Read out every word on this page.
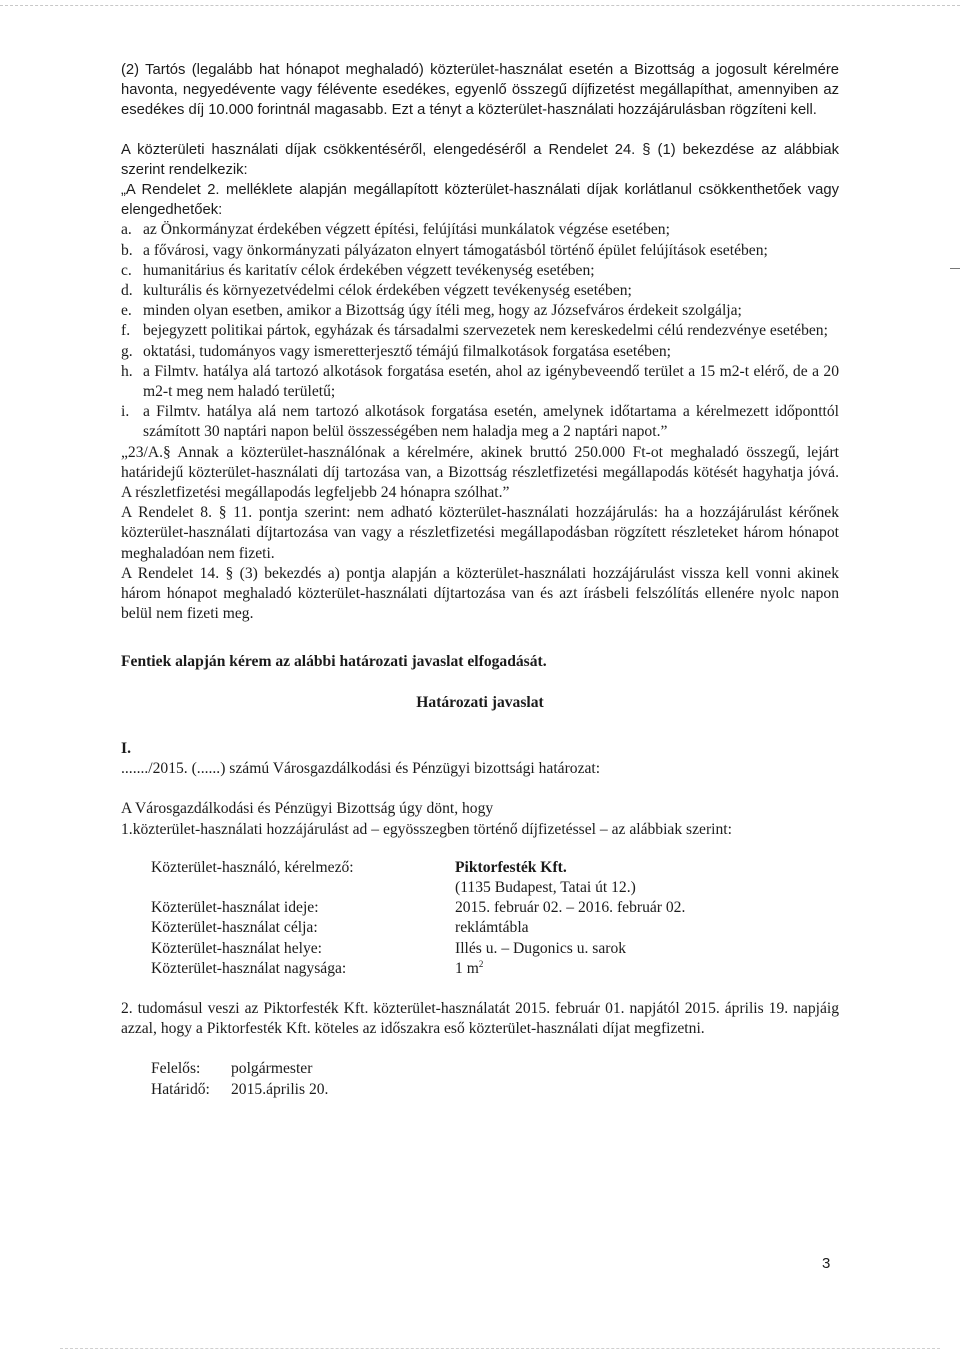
(2) Tartós (legalább hat hónapot meghaladó) közterület-használat esetén a Bizottság a jogosult kérelmére havonta, negyedévente vagy félévente esedékes, egyenlő összegű díjfizetést megállapíthat, amennyiben az esedékes díj 10.000 forintnál magasabb. Ezt a tényt a közterület-használati hozzájárulásban rögzíteni kell.

A közterületi használati díjak csökkentéséről, elengedéséről a Rendelet 24. § (1) bekezdése az alábbiak szerint rendelkezik:

„A Rendelet 2. melléklete alapján megállapított közterület-használati díjak korlátlanul csökkenthetőek vagy elengedhetőek:

a. az Önkormányzat érdekében végzett építési, felújítási munkálatok végzése esetében;
b. a fővárosi, vagy önkormányzati pályázaton elnyert támogatásból történő épület felújítások esetében;
c. humanitárius és karitatív célok érdekében végzett tevékenység esetében;
d. kulturális és környezetvédelmi célok érdekében végzett tevékenység esetében;
e. minden olyan esetben, amikor a Bizottság úgy ítéli meg, hogy az Józsefváros érdekeit szolgálja;
f. bejegyzett politikai pártok, egyházak és társadalmi szervezetek nem kereskedelmi célú rendezvénye esetében;
g. oktatási, tudományos vagy ismeretterjesztő témájú filmalkotások forgatása esetében;
h. a Filmtv. hatálya alá tartozó alkotások forgatása esetén, ahol az igénybeveendő terület a 15 m2-t elérő, de a 20 m2-t meg nem haladó területű;
i. a Filmtv. hatálya alá nem tartozó alkotások forgatása esetén, amelynek időtartama a kérelmezett időponttól számított 30 naptári napon belül összességében nem haladja meg a 2 naptári napot.”

„23/A.§ Annak a közterület-használónak a kérelmére, akinek bruttó 250.000 Ft-ot meghaladó összegű, lejárt határidejű közterület-használati díj tartozása van, a Bizottság részletfizetési megállapodás kötését hagyhatja jóvá. A részletfizetési megállapodás legfeljebb 24 hónapra szólhat.”

A Rendelet 8. § 11. pontja szerint: nem adható közterület-használati hozzájárulás: ha a hozzájárulást kérőnek közterület-használati díjtartozása van vagy a részletfizetési megállapodásban rögzített részleteket három hónapot meghaladóan nem fizeti.

A Rendelet 14. § (3) bekezdés a) pontja alapján a közterület-használati hozzájárulást vissza kell vonni akinek három hónapot meghaladó közterület-használati díjtartozása van és azt írásbeli felszólítás ellenére nyolc napon belül nem fizeti meg.

Fentiek alapján kérem az alábbi határozati javaslat elfogadását.

Határozati javaslat

I.

......./2015. (......) számú Városgazdálkodási és Pénzügyi bizottsági határozat:

A Városgazdálkodási és Pénzügyi Bizottság úgy dönt, hogy

1.közterület-használati hozzájárulást ad – egyösszegben történő díjfizetéssel – az alábbiak szerint:

Közterület-használó, kérelmező:	Piktorfesték Kft.
(1135 Budapest, Tatai út 12.)
Közterület-használat ideje:	2015. február 02. – 2016. február 02.
Közterület-használat célja:	reklámtábla
Közterület-használat helye:	Illés u. – Dugonics u. sarok
Közterület-használat nagysága:	1 $m^2$

2. tudomásul veszi az Piktorfesték Kft. közterület-használatát 2015. február 01. napjától 2015. április 19. napjáig azzal, hogy a Piktorfesték Kft. köteles az időszakra eső közterület-használati díjat megfizetni.

Felelős:	polgármester
Határidő:	2015.április 20.
3
